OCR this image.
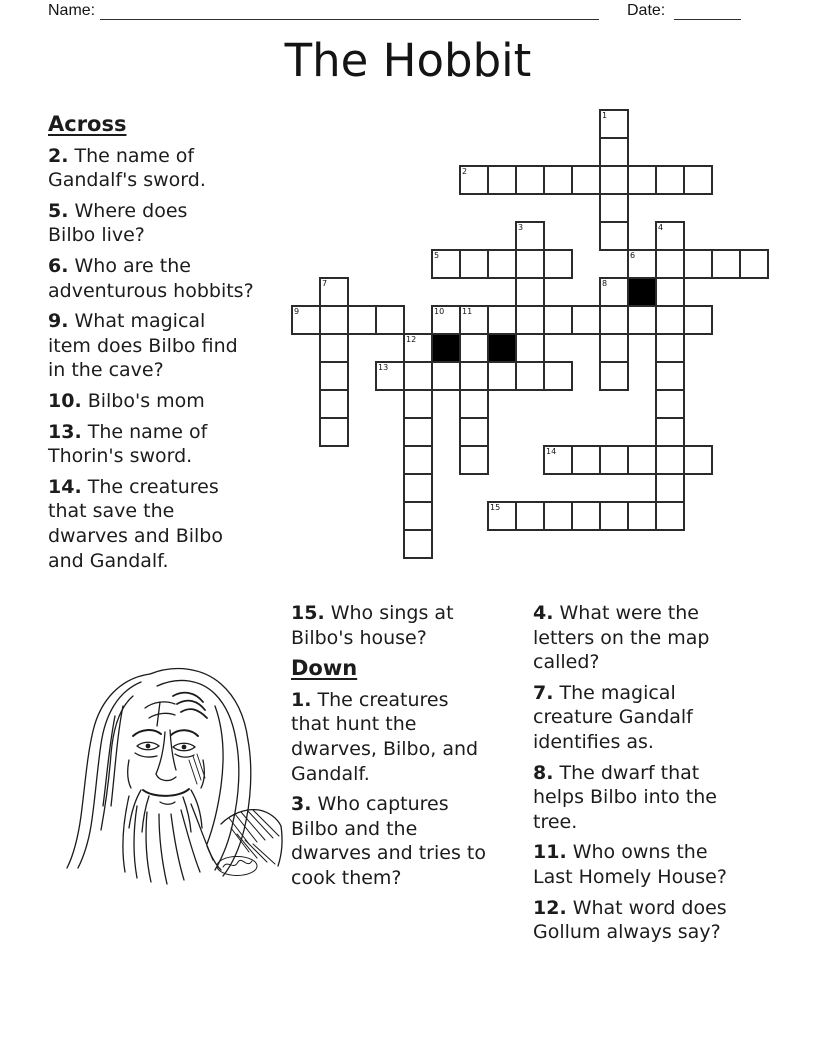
Name:	Date:
The Hobbit
1
2
3	4
5	6
7	8
9	10 11
12
13
14
15
Across

2. The name of
Gandalf's sword.

5. Where does
Bilbo live?

6. Who are the
adventurous hobbits?

9. What magical
item does Bilbo find
in the cave?

10. Bilbo's mom

13. The name of
Thorin's sword.

14. The creatures
that save the
dwarves and Bilbo
and Gandalf.

15. Who sings at
Bilbo's house?

Down

1. The creatures
that hunt the
dwarves, Bilbo, and
Gandalf.

3. Who captures
Bilbo and the
dwarves and tries to
cook them?

4. What were the
letters on the map
called?

7. The magical
creature Gandalf
identifies as.

8. The dwarf that
helps Bilbo into the
tree.

11. Who owns the
Last Homely House?

12. What word does
Gollum always say?
